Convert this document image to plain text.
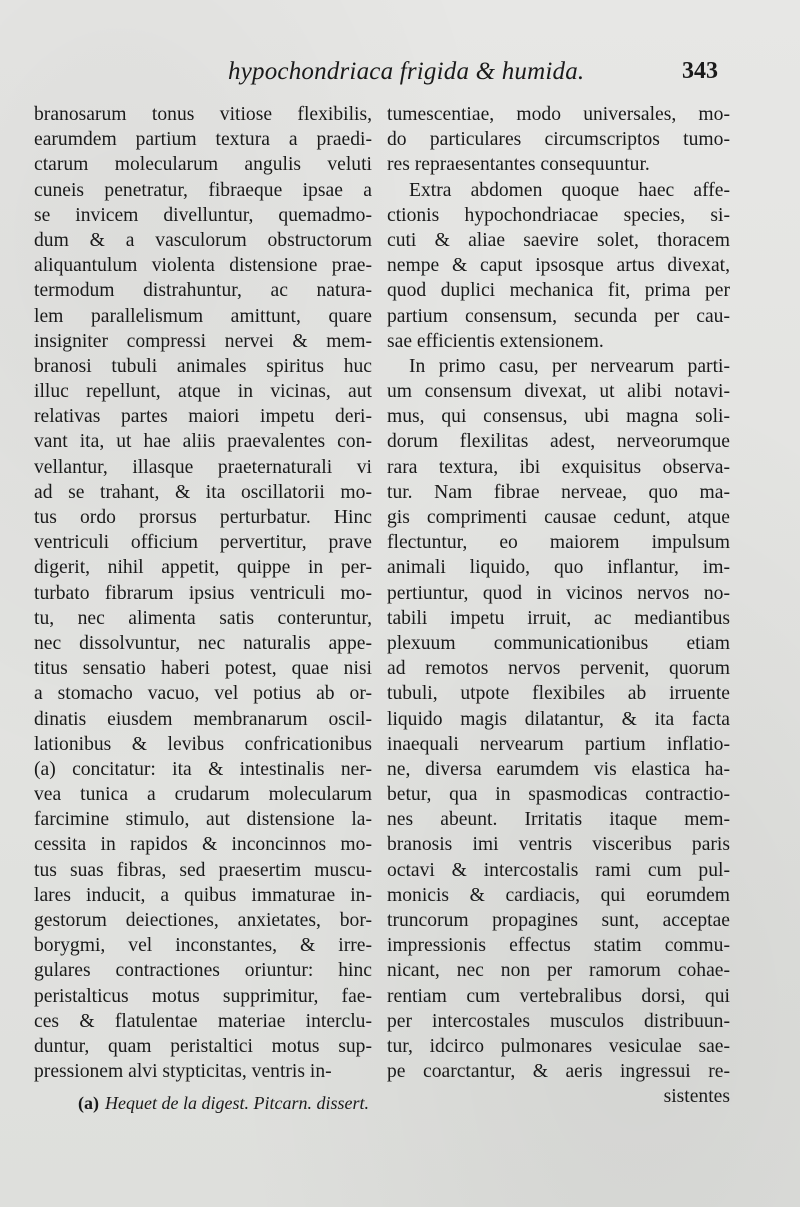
hypochondriaca frigida & humida.	343
branosarum tonus vitiose flexibilis,
earumdem partium textura a praedi-
ctarum molecularum angulis veluti
cuneis penetratur, fibraeque ipsae a
se invicem divelluntur, quemadmo-
dum & a vasculorum obstructorum
aliquantulum violenta distensione prae-
termodum distrahuntur, ac natura-
lem parallelismum amittunt, quare
insigniter compressi nervei & mem-
branosi tubuli animales spiritus huc
illuc repellunt, atque in vicinas, aut
relativas partes maiori impetu deri-
vant ita, ut hae aliis praevalentes con-
vellantur, illasque praeternaturali vi
ad se trahant, & ita oscillatorii mo-
tus ordo prorsus perturbatur. Hinc
ventriculi officium pervertitur, prave
digerit, nihil appetit, quippe in per-
turbato fibrarum ipsius ventriculi mo-
tu, nec alimenta satis conteruntur,
nec dissolvuntur, nec naturalis appe-
titus sensatio haberi potest, quae nisi
a stomacho vacuo, vel potius ab or-
dinatis eiusdem membranarum oscil-
lationibus & levibus confricationibus
(a) concitatur: ita & intestinalis ner-
vea tunica a crudarum molecularum
farcimine stimulo, aut distensione la-
cessita in rapidos & inconcinnos mo-
tus suas fibras, sed praesertim muscu-
lares inducit, a quibus immaturae in-
gestorum deiectiones, anxietates, bor-
borygmi, vel inconstantes, & irre-
gulares contractiones oriuntur: hinc
peristalticus motus supprimitur, fae-
ces & flatulentae materiae interclu-
duntur, quam peristaltici motus sup-
pressionem alvi stypticitas, ventris in-
tumescentiae, modo universales, mo-
do particulares circumscriptos tumo-
res repraesentantes consequuntur.
Extra abdomen quoque haec affe-
ctionis hypochondriacae species, si-
cuti & aliae saevire solet, thoracem
nempe & caput ipsosque artus divexat,
quod duplici mechanica fit, prima per
partium consensum, secunda per cau-
sae efficientis extensionem.
In primo casu, per nervearum parti-
um consensum divexat, ut alibi notavi-
mus, qui consensus, ubi magna soli-
dorum flexilitas adest, nerveorumque
rara textura, ibi exquisitus observa-
tur. Nam fibrae nerveae, quo ma-
gis comprimenti causae cedunt, atque
flectuntur, eo maiorem impulsum
animali liquido, quo inflantur, im-
pertiuntur, quod in vicinos nervos no-
tabili impetu irruit, ac mediantibus
plexuum communicationibus etiam
ad remotos nervos pervenit, quorum
tubuli, utpote flexibiles ab irruente
liquido magis dilatantur, & ita facta
inaequali nervearum partium inflatio-
ne, diversa earumdem vis elastica ha-
betur, qua in spasmodicas contractio-
nes abeunt. Irritatis itaque mem-
branosis imi ventris visceribus paris
octavi & intercostalis rami cum pul-
monicis & cardiacis, qui eorumdem
truncorum propagines sunt, acceptae
impressionis effectus statim commu-
nicant, nec non per ramorum cohae-
rentiam cum vertebralibus dorsi, qui
per intercostales musculos distribuun-
tur, idcirco pulmonares vesiculae sae-
pe coarctantur, & aeris ingressui re-
sistentes
(a) Hequet de la digest. Pitcarn. dissert.
